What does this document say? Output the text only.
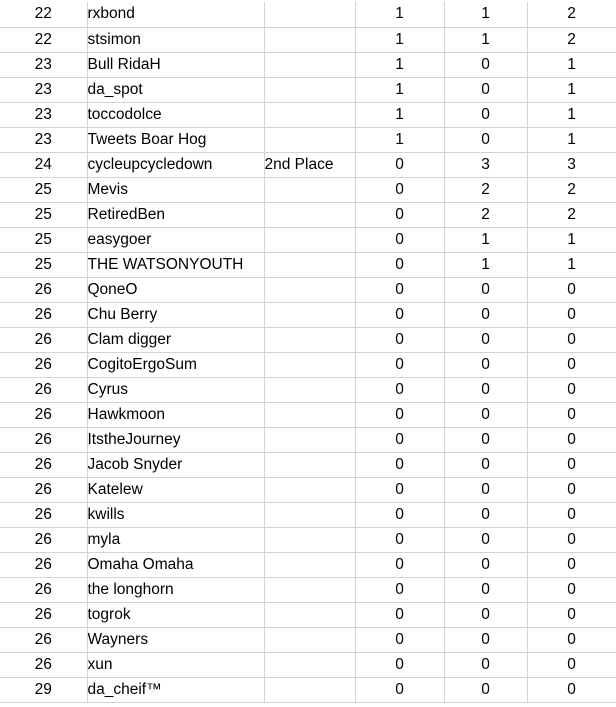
22	rxbond		1	1	2
22	stsimon		1	1	2
23	Bull RidaH		1	0	1
23	da_spot		1	0	1
23	toccodolce		1	0	1
23	Tweets Boar Hog		1	0	1
24	cycleupcycledown	2nd Place	0	3	3
25	Mevis		0	2	2
25	RetiredBen		0	2	2
25	easygoer		0	1	1
25	THE WATSONYOUTH		0	1	1
26	QoneO		0	0	0
26	Chu Berry		0	0	0
26	Clam digger		0	0	0
26	CogitoErgoSum		0	0	0
26	Cyrus		0	0	0
26	Hawkmoon		0	0	0
26	ItstheJourney		0	0	0
26	Jacob Snyder		0	0	0
26	Katelew		0	0	0
26	kwills		0	0	0
26	myla		0	0	0
26	Omaha Omaha		0	0	0
26	the longhorn		0	0	0
26	togrok		0	0	0
26	Wayners		0	0	0
26	xun		0	0	0
29	da_cheif™		0	0	0
